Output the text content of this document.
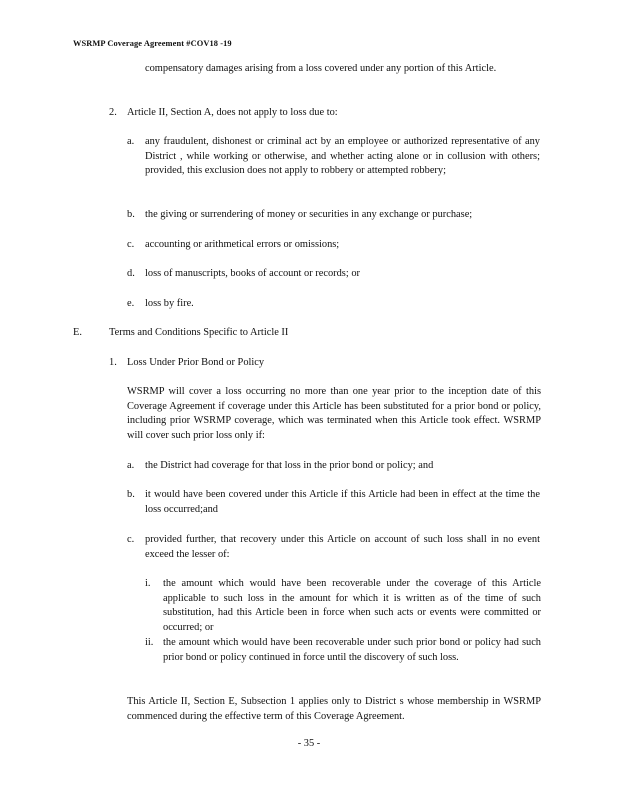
WSRMP Coverage Agreement #COV18 -19
compensatory damages arising from a loss covered under any portion of this Article.
2. Article II, Section A, does not apply to loss due to:
a. any fraudulent, dishonest or criminal act by an employee or authorized representative of any District , while working or otherwise, and whether acting alone or in collusion with others; provided, this exclusion does not apply to robbery or attempted robbery;
b. the giving or surrendering of money or securities in any exchange or purchase;
c. accounting or arithmetical errors or omissions;
d. loss of manuscripts, books of account or records; or
e. loss by fire.
E.	Terms and Conditions Specific to Article II
1. Loss Under Prior Bond or Policy
WSRMP will cover a loss occurring no more than one year prior to the inception date of this Coverage Agreement if coverage under this Article has been substituted for a prior bond or policy, including prior WSRMP coverage, which was terminated when this Article took effect. WSRMP will cover such prior loss only if:
a. the District had coverage for that loss in the prior bond or policy; and
b. it would have been covered under this Article if this Article had been in effect at the time the loss occurred;and
c. provided further, that recovery under this Article on account of such loss shall in no event exceed the lesser of:
i. the amount which would have been recoverable under the coverage of this Article applicable to such loss in the amount for which it is written as of the time of such substitution, had this Article been in force when such acts or events were committed or occurred; or
ii. the amount which would have been recoverable under such prior bond or policy had such prior bond or policy continued in force until the discovery of such loss.
This Article II, Section E, Subsection 1 applies only to District s whose membership in WSRMP commenced during the effective term of this Coverage Agreement.
- 35 -
